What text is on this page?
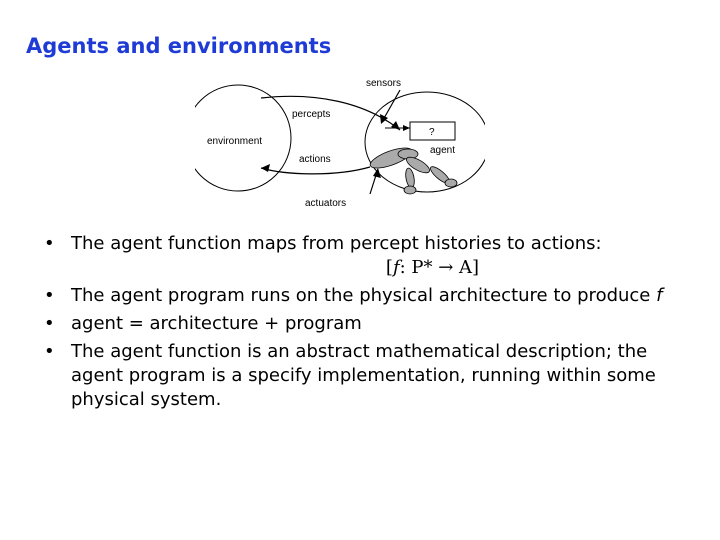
Agents and environments
sensors
percepts
environment
actions
actuators
agent
?
• The agent function maps from percept histories to actions:
[f: P* → A]
• The agent program runs on the physical architecture to produce f
• agent = architecture + program
• The agent function is an abstract mathematical description; the agent program is a specify implementation, running within some physical system.
